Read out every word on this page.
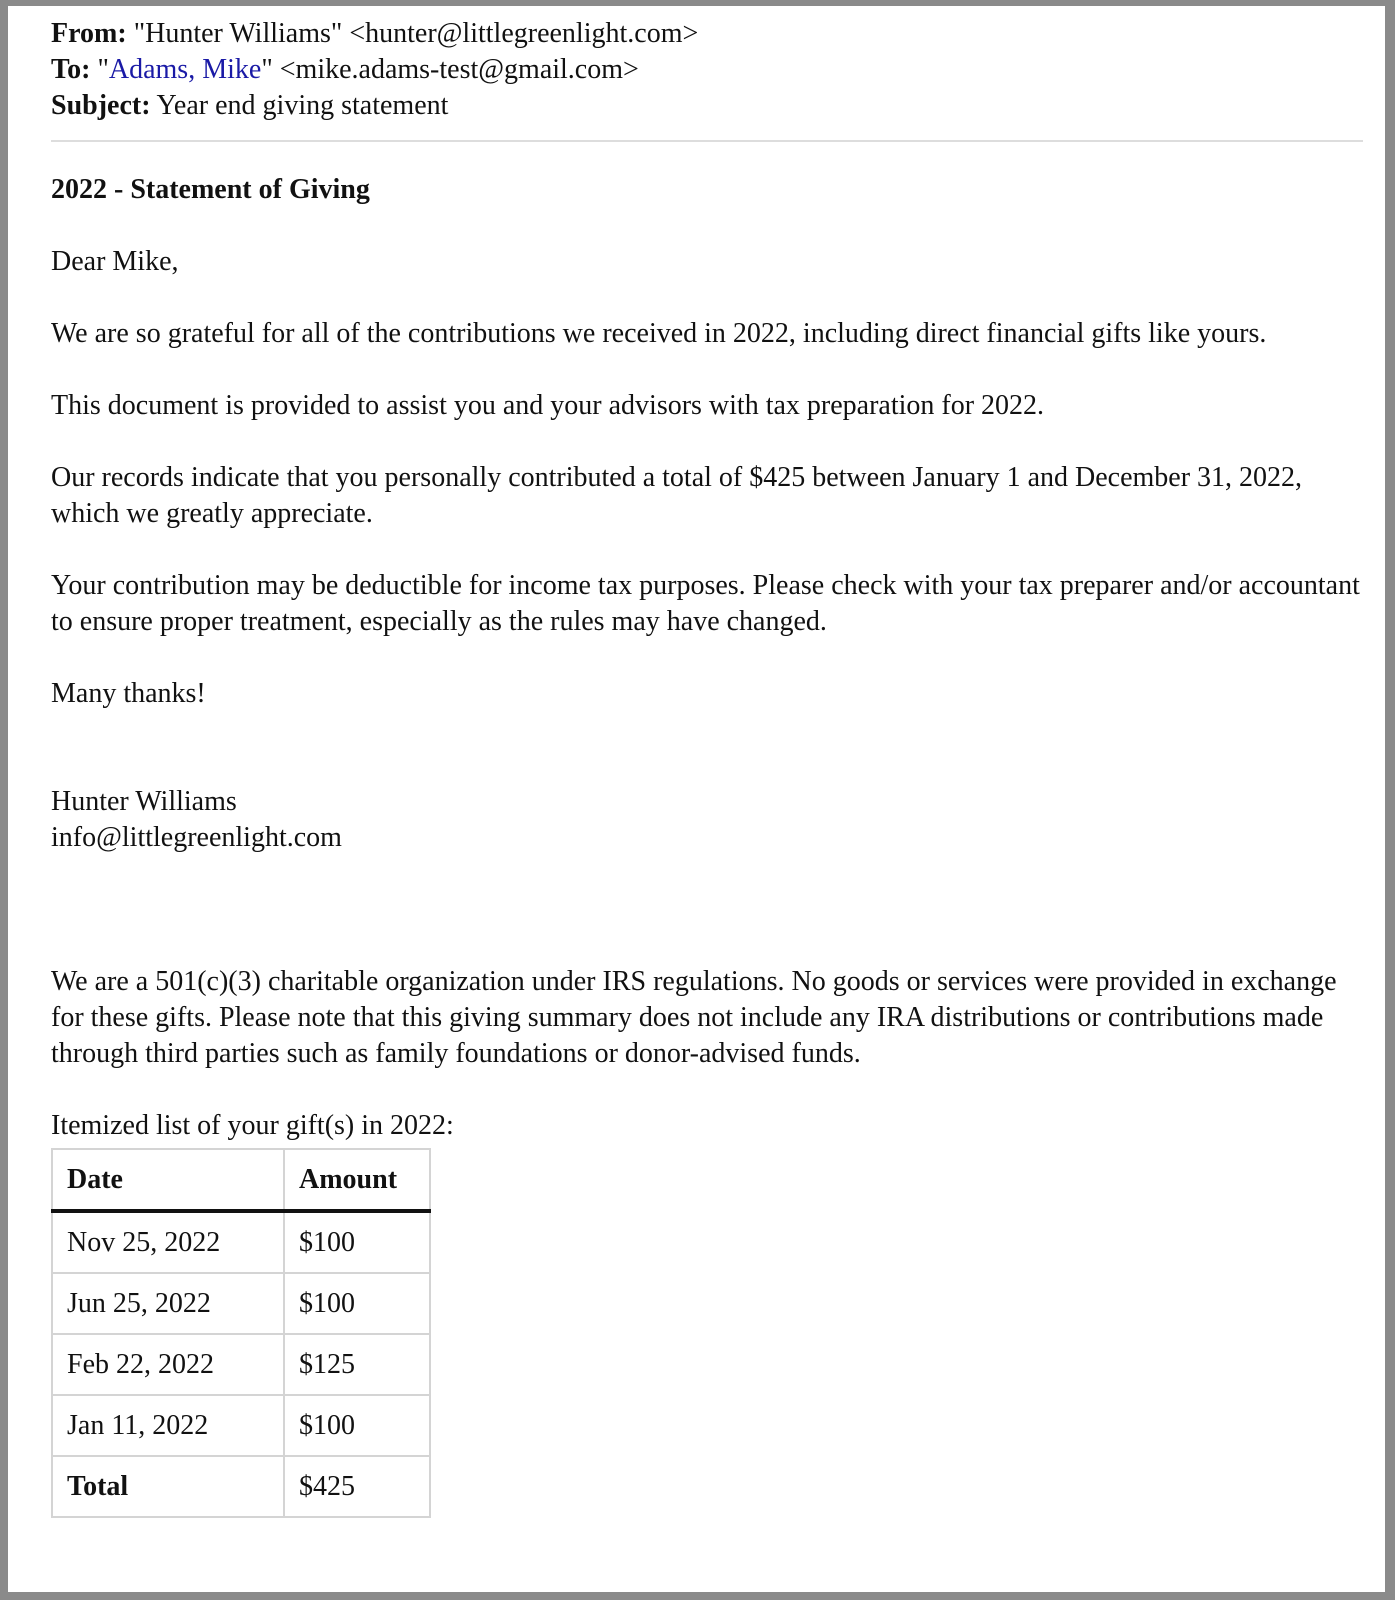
From: "Hunter Williams" <hunter@littlegreenlight.com>

To: "Adams, Mike" <mike.adams-test@gmail.com>

Subject: Year end giving statement

2022 - Statement of Giving

Dear Mike,

We are so grateful for all of the contributions we received in 2022, including direct financial gifts like yours.

This document is provided to assist you and your advisors with tax preparation for 2022.

Our records indicate that you personally contributed a total of $425 between January 1 and December 31, 2022, which we greatly appreciate.

Your contribution may be deductible for income tax purposes. Please check with your tax preparer and/or accountant to ensure proper treatment, especially as the rules may have changed.

Many thanks!

Hunter Williams

info@littlegreenlight.com

We are a 501(c)(3) charitable organization under IRS regulations. No goods or services were provided in exchange for these gifts. Please note that this giving summary does not include any IRA distributions or contributions made through third parties such as family foundations or donor-advised funds.

Itemized list of your gift(s) in 2022:

Date	Amount
Nov 25, 2022	$100
Jun 25, 2022	$100
Feb 22, 2022	$125
Jan 11, 2022	$100
Total	$425
